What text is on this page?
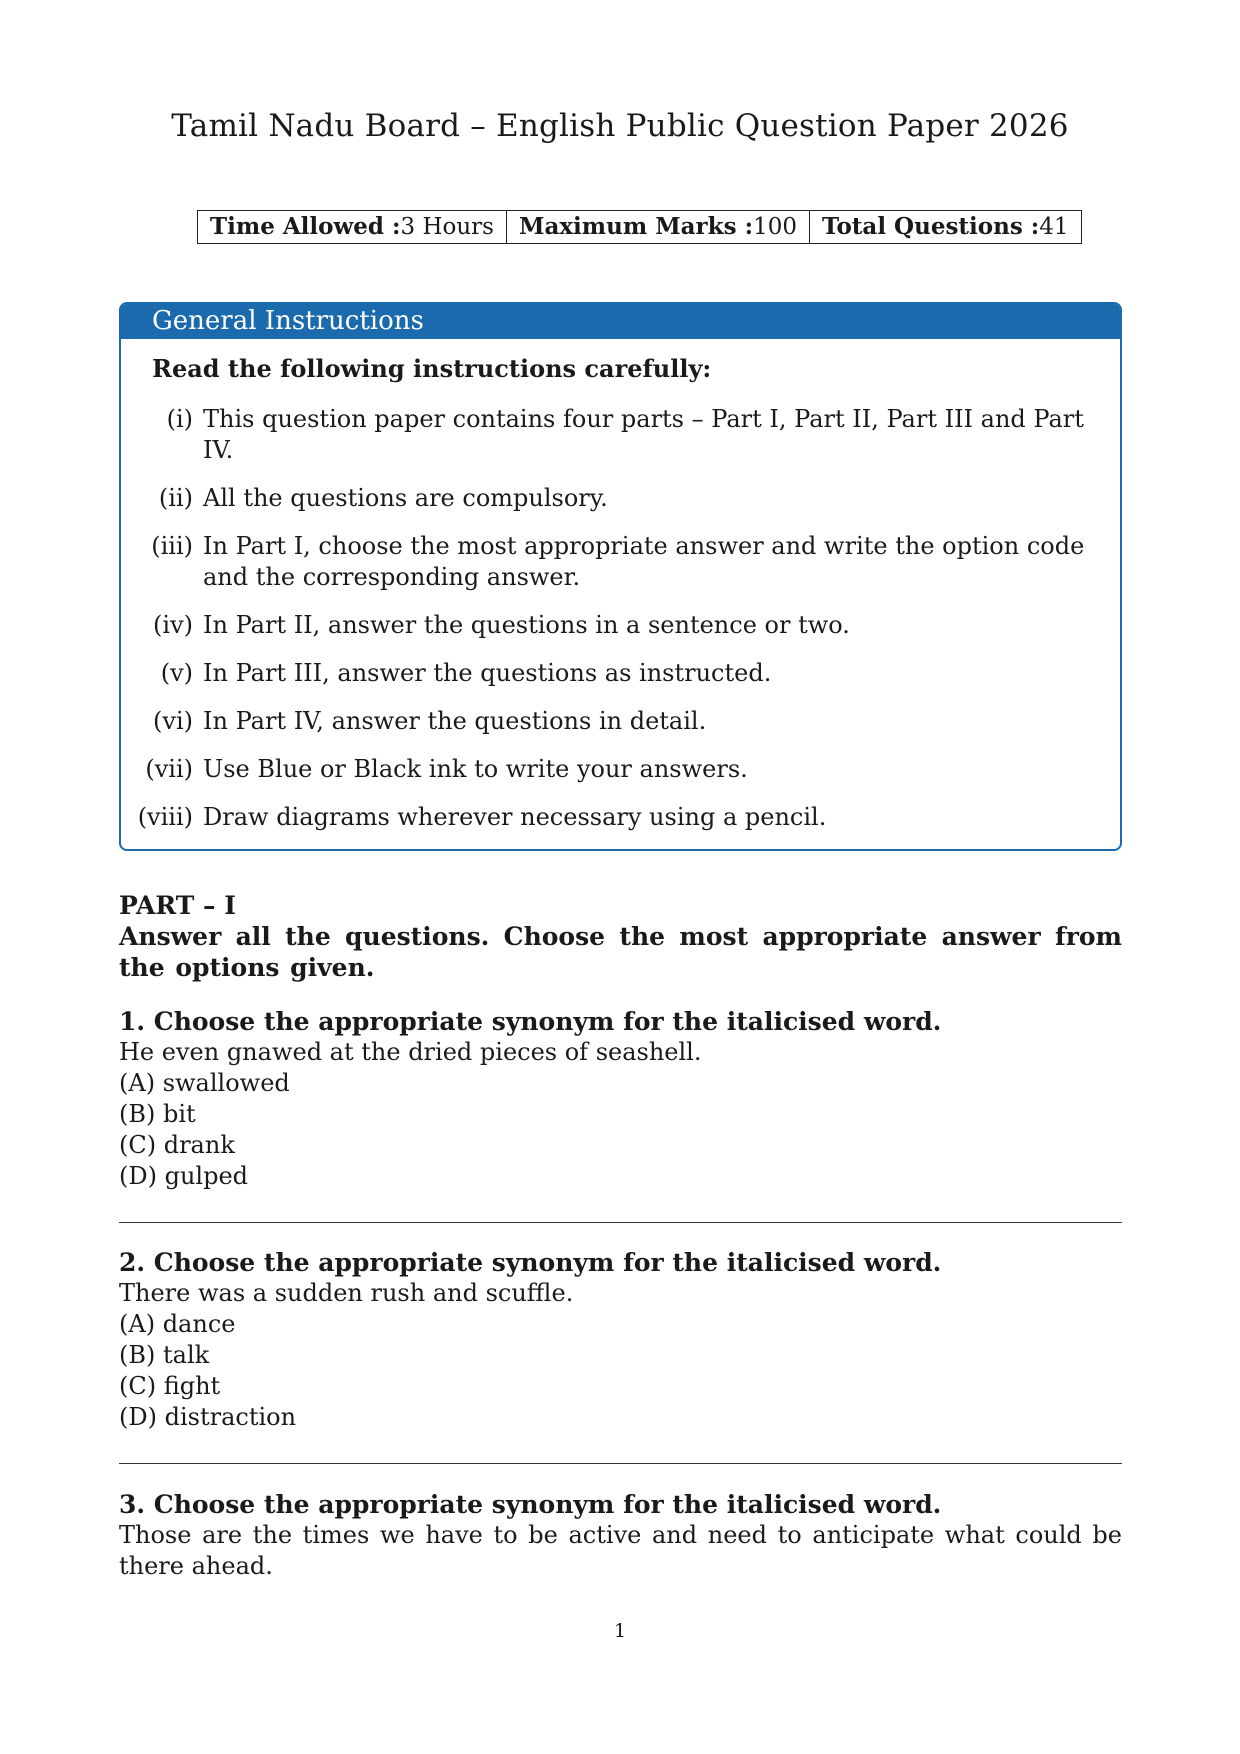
Tamil Nadu Board – English Public Question Paper 2026
Time Allowed :3 Hours	Maximum Marks :100	Total Questions :41
General Instructions
Read the following instructions carefully:
(i) This question paper contains four parts – Part I, Part II, Part III and Part IV.
(ii) All the questions are compulsory.
(iii) In Part I, choose the most appropriate answer and write the option code and the corresponding answer.
(iv) In Part II, answer the questions in a sentence or two.
(v) In Part III, answer the questions as instructed.
(vi) In Part IV, answer the questions in detail.
(vii) Use Blue or Black ink to write your answers.
(viii) Draw diagrams wherever necessary using a pencil.
PART – I
Answer all the questions. Choose the most appropriate answer from the options given.
1. Choose the appropriate synonym for the italicised word.
He even gnawed at the dried pieces of seashell.
(A) swallowed
(B) bit
(C) drank
(D) gulped
2. Choose the appropriate synonym for the italicised word.
There was a sudden rush and scuffle.
(A) dance
(B) talk
(C) fight
(D) distraction
3. Choose the appropriate synonym for the italicised word.
Those are the times we have to be active and need to anticipate what could be there ahead.
1
